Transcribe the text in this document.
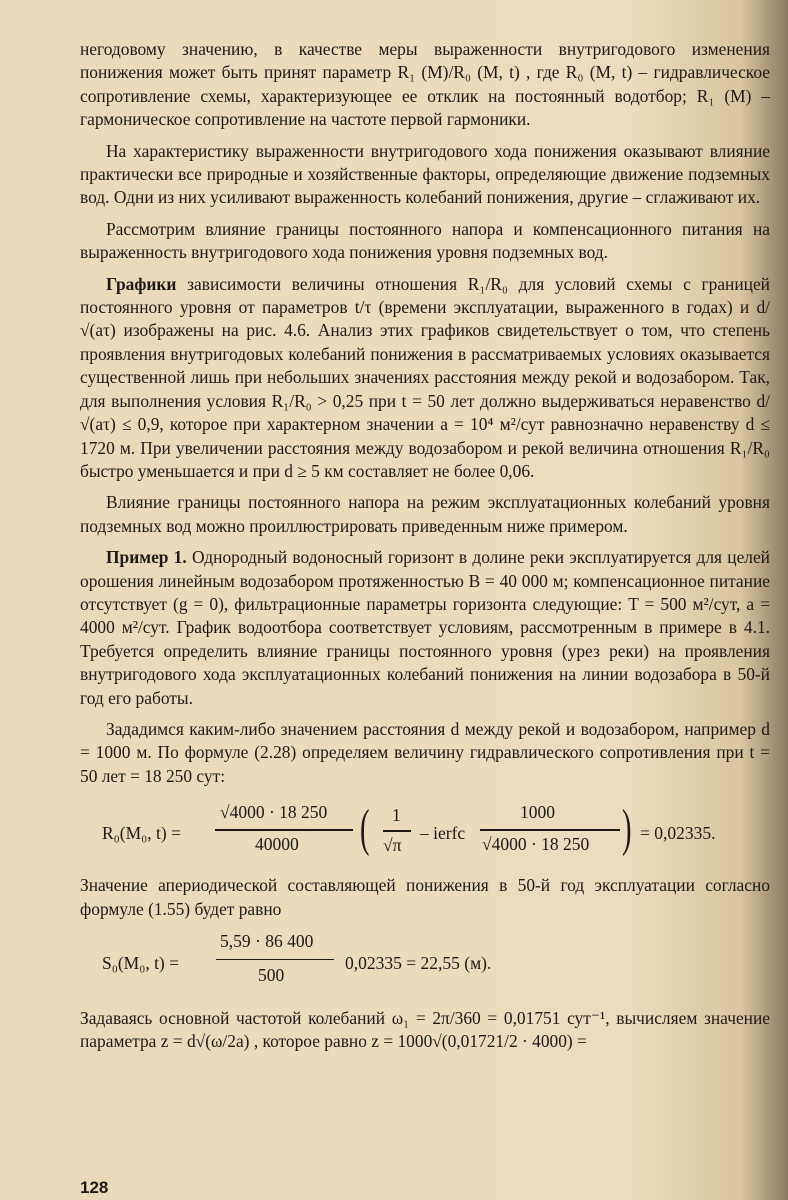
негодовому значению, в качестве меры выраженности внутригодового изменения понижения может быть принят параметр R₁ (M)/R₀ (M, t) , где R₀ (M, t) – гидравлическое сопротивление схемы, характеризующее ее отклик на постоянный водотбор; R₁ (M) – гармоническое сопротивление на частоте первой гармоники.

На характеристику выраженности внутригодового хода понижения оказывают влияние практически все природные и хозяйственные факторы, определяющие движение подземных вод. Одни из них усиливают выраженность колебаний понижения, другие – сглаживают их.

Рассмотрим влияние границы постоянного напора и компенсационного питания на выраженность внутригодового хода понижения уровня подземных вод.

Графики зависимости величины отношения R₁/R₀ для условий схемы с границей постоянного уровня от параметров t/τ (времени эксплуатации, выраженного в годах) и d/√(aτ) изображены на рис. 4.6. Анализ этих графиков свидетельствует о том, что степень проявления внутригодовых колебаний понижения в рассматриваемых условиях оказывается существенной лишь при небольших значениях расстояния между рекой и водозабором. Так, для выполнения условия R₁/R₀ > 0,25 при t = 50 лет должно выдерживаться неравенство d/√(aτ) ≤ 0,9, которое при характерном значении a = 10⁴ м²/сут равнозначно неравенству d ≤ 1720 м. При увеличении расстояния между водозабором и рекой величина отношения R₁/R₀ быстро уменьшается и при d ≥ 5 км составляет не более 0,06.

Влияние границы постоянного напора на режим эксплуатационных колебаний уровня подземных вод можно проиллюстрировать приведенным ниже примером.

Пример 1. Однородный водоносный горизонт в долине реки эксплуатируется для целей орошения линейным водозабором протяженностью B = 40 000 м; компенсационное питание отсутствует (g = 0), фильтрационные параметры горизонта следующие: T = 500 м²/сут, a = 4000 м²/сут. График водоотбора соответствует условиям, рассмотренным в примере в 4.1. Требуется определить влияние границы постоянного уровня (урез реки) на проявления внутригодового хода эксплуатационных колебаний понижения на линии водозабора в 50-й год его работы.

Зададимся каким-либо значением расстояния d между рекой и водозабором, например d = 1000 м. По формуле (2.28) определяем величину гидравлического сопротивления при t = 50 лет = 18 250 сут:

R₀(M₀, t) =
√4000 · 18 250
40000 ( 1
√π
– ierfc
1000
√4000 · 18 250 ) = 0,02335.

Значение апериодической составляющей понижения в 50-й год эксплуатации согласно формуле (1.55) будет равно

S₀(M₀, t) =
5,59 · 86 400
500
0,02335 = 22,55 (м).

Задаваясь основной частотой колебаний ω₁ = 2π/360 = 0,01751 сут⁻¹, вычисляем значение параметра z = d√(ω/2a) , которое равно z = 1000√(0,01721/2 · 4000) =

128
